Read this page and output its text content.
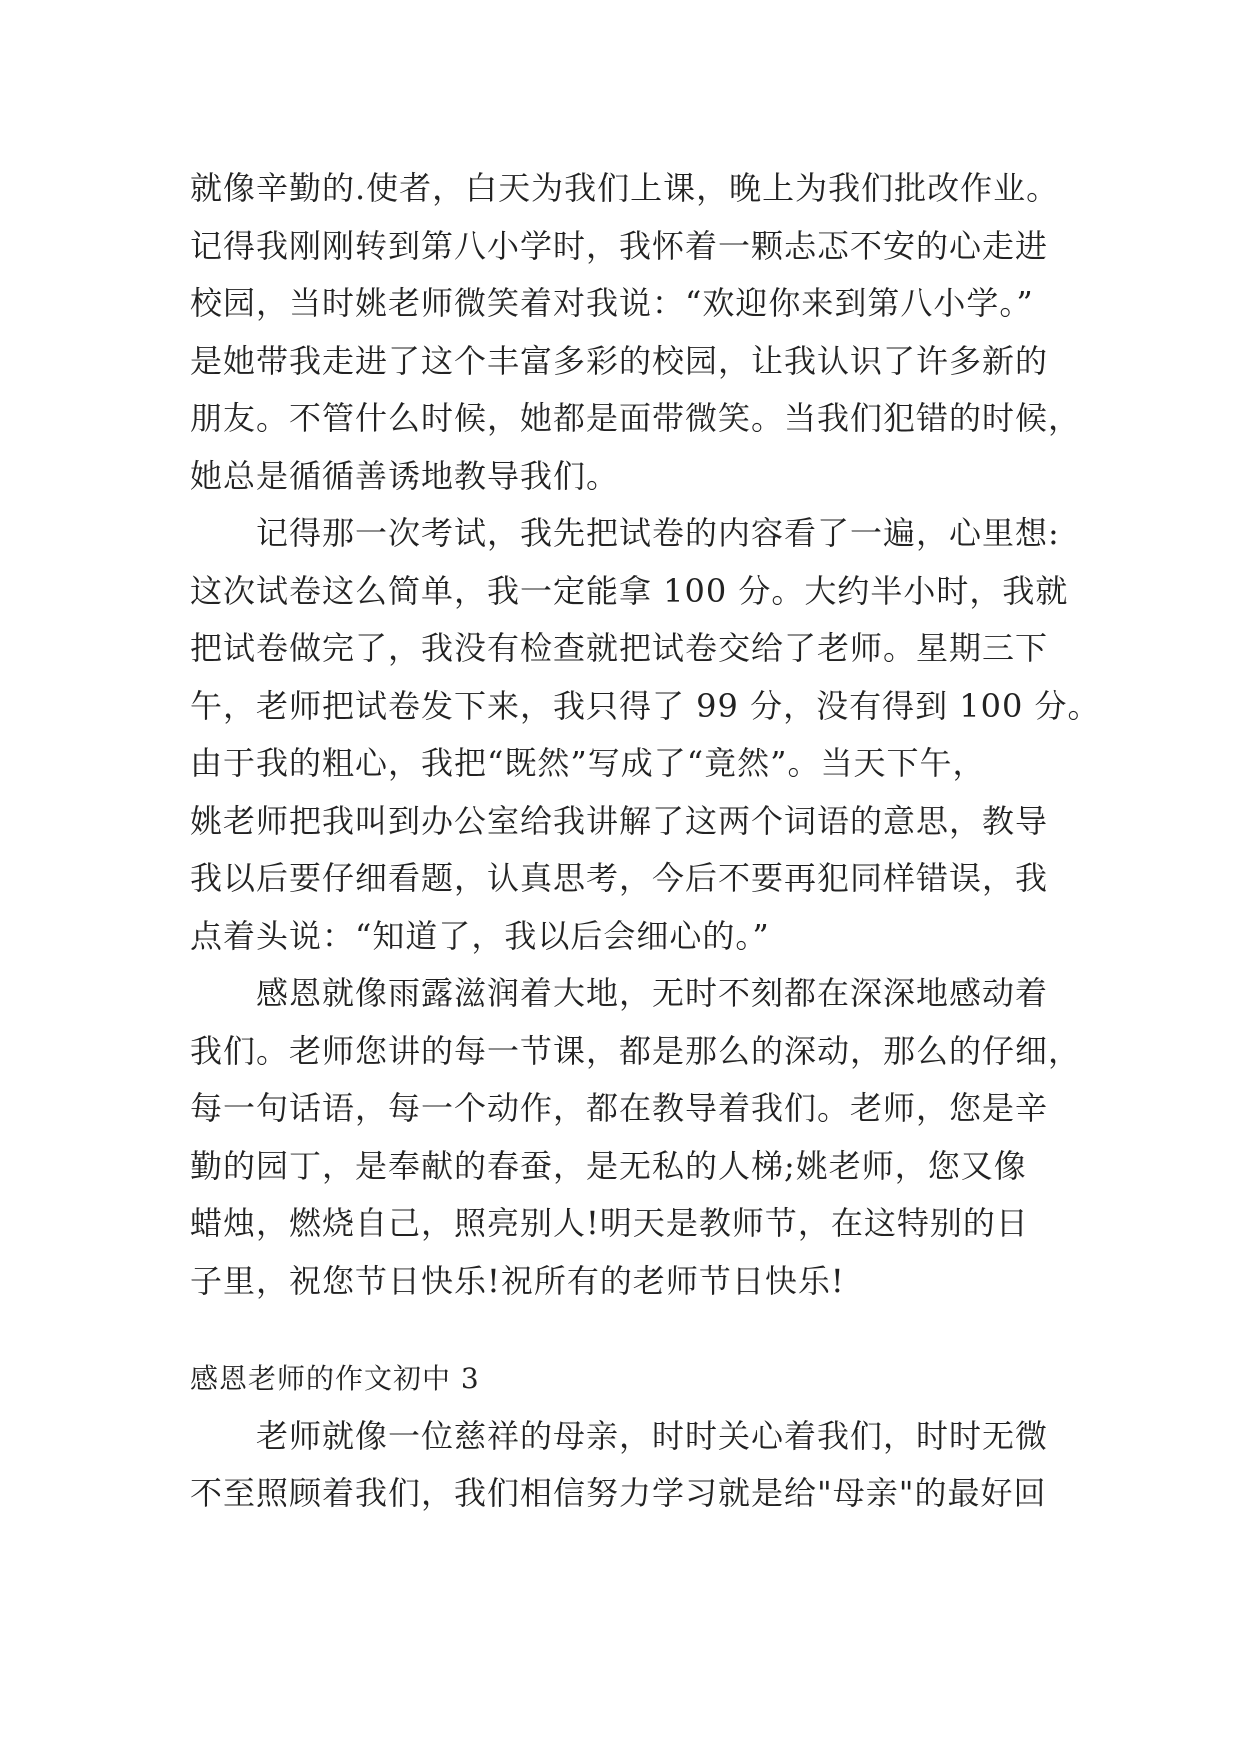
就像辛勤的.使者，白天为我们上课，晚上为我们批改作业。
记得我刚刚转到第八小学时，我怀着一颗忐忑不安的心走进
校园，当时姚老师微笑着对我说：“欢迎你来到第八小学。”
是她带我走进了这个丰富多彩的校园，让我认识了许多新的
朋友。不管什么时候，她都是面带微笑。当我们犯错的时候，
她总是循循善诱地教导我们。
　　记得那一次考试，我先把试卷的内容看了一遍，心里想:
这次试卷这么简单，我一定能拿 100 分。大约半小时，我就
把试卷做完了，我没有检查就把试卷交给了老师。星期三下
午，老师把试卷发下来，我只得了 99 分，没有得到 100 分。
由于我的粗心，我把“既然”写成了“竟然”。当天下午，
姚老师把我叫到办公室给我讲解了这两个词语的意思，教导
我以后要仔细看题，认真思考，今后不要再犯同样错误，我
点着头说：“知道了，我以后会细心的。”
　　感恩就像雨露滋润着大地，无时不刻都在深深地感动着
我们。老师您讲的每一节课，都是那么的深动，那么的仔细，
每一句话语，每一个动作，都在教导着我们。老师，您是辛
勤的园丁，是奉献的春蚕，是无私的人梯;姚老师，您又像
蜡烛，燃烧自己，照亮别人!明天是教师节，在这特别的日
子里，祝您节日快乐!祝所有的老师节日快乐!
感恩老师的作文初中 3
　　老师就像一位慈祥的母亲，时时关心着我们，时时无微
不至照顾着我们，我们相信努力学习就是给"母亲"的最好回
